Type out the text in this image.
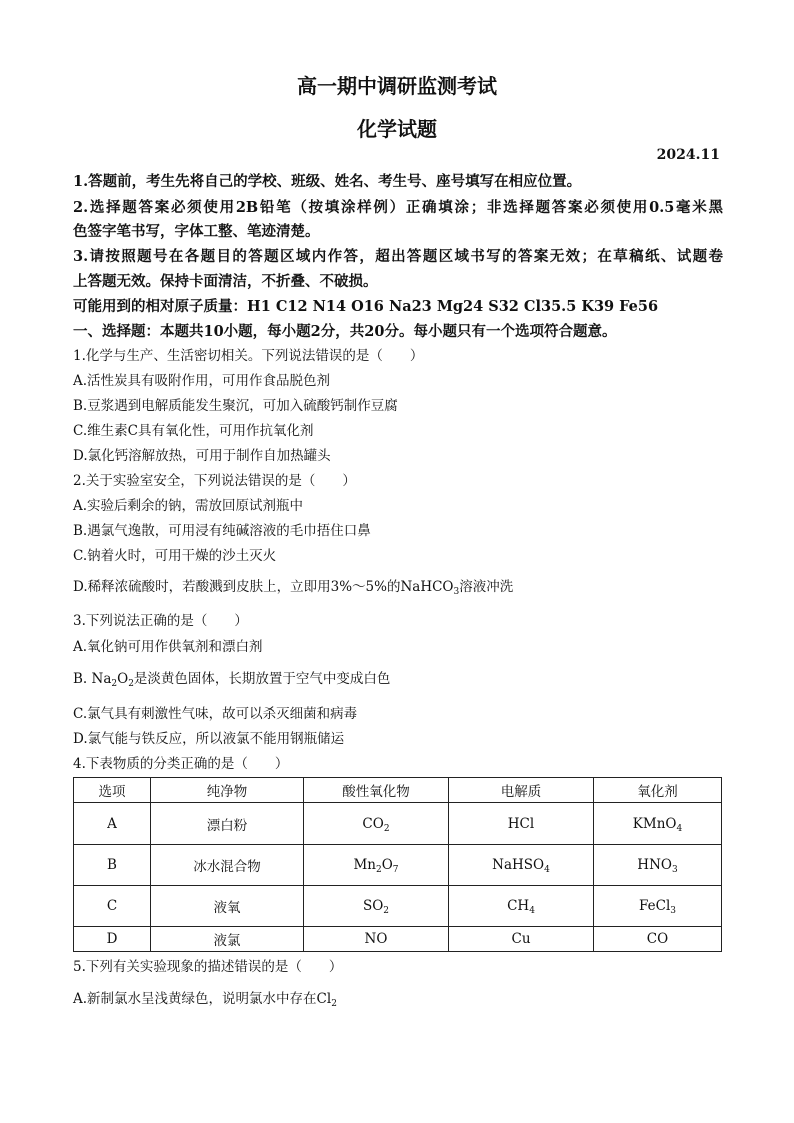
高一期中调研监测考试
化学试题
2024.11
1.答题前，考生先将自己的学校、班级、姓名、考生号、座号填写在相应位置。
2.选择题答案必须使用2B铅笔（按填涂样例）正确填涂；非选择题答案必须使用0.5毫米黑
色签字笔书写，字体工整、笔迹清楚。
3.请按照题号在各题目的答题区域内作答，超出答题区域书写的答案无效；在草稿纸、试题卷
上答题无效。保持卡面清洁，不折叠、不破损。
可能用到的相对原子质量：H1 C12 N14 O16 Na23 Mg24 S32 Cl35.5 K39 Fe56
一、选择题：本题共10小题，每小题2分，共20分。每小题只有一个选项符合题意。
1.化学与生产、生活密切相关。下列说法错误的是（　　）
A.活性炭具有吸附作用，可用作食品脱色剂
B.豆浆遇到电解质能发生聚沉，可加入硫酸钙制作豆腐
C.维生素C具有氧化性，可用作抗氧化剂
D.氯化钙溶解放热，可用于制作自加热罐头
2.关于实验室安全，下列说法错误的是（　　）
A.实验后剩余的钠，需放回原试剂瓶中
B.遇氯气逸散，可用浸有纯碱溶液的毛巾捂住口鼻
C.钠着火时，可用干燥的沙土灭火
D.稀释浓硫酸时，若酸溅到皮肤上，立即用3%～5%的NaHCO$_3$溶液冲洗
3.下列说法正确的是（　　）
A.氧化钠可用作供氧剂和漂白剂
B. $Na_2O_2$是淡黄色固体，长期放置于空气中变成白色
C.氯气具有刺激性气味，故可以杀灭细菌和病毒
D.氯气能与铁反应，所以液氯不能用钢瓶储运
4.下表物质的分类正确的是（　　）
选项	纯净物	酸性氧化物	电解质	氧化剂
A	漂白粉	$CO_2$	HCl	KMnO$_4$
B	冰水混合物	$Mn_2O_7$	NaHSO$_4$	$HNO_3$
C	液氧	$SO_2$	$CH_4$	FeCl$_3$
D	液氯	NO	Cu	CO
5.下列有关实验现象的描述错误的是（　　）
A.新制氯水呈浅黄绿色，说明氯水中存在$Cl_2$
